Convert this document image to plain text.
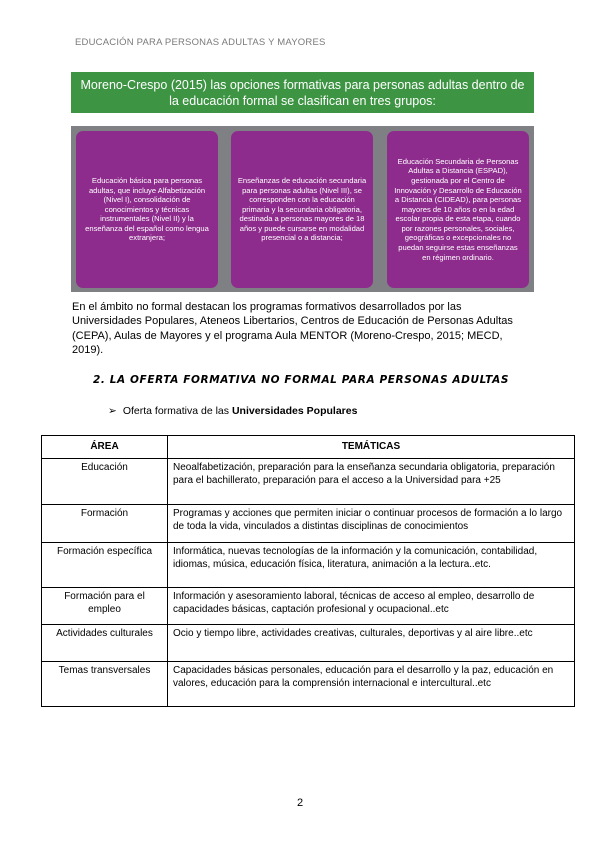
EDUCACIÓN PARA PERSONAS ADULTAS Y MAYORES
Moreno-Crespo (2015) las opciones formativas para personas adultas dentro de la educación formal se clasifican en tres grupos:
Educación básica para personas adultas, que incluye Alfabetización (Nivel I), consolidación de conocimientos y técnicas instrumentales (Nivel II) y la enseñanza del español como lengua extranjera;
Enseñanzas de educación secundaria para personas adultas (Nivel III), se corresponden con la educación primaria y la secundaria obligatoria, destinada a personas mayores de 18 años y puede cursarse en modalidad presencial o a distancia;
Educación Secundaria de Personas Adultas a Distancia (ESPAD), gestionada por el Centro de Innovación y Desarrollo de Educación a Distancia (CIDEAD), para personas mayores de 10 años o en la edad escolar propia de esta etapa, cuando por razones personales, sociales, geográficas o excepcionales no puedan seguirse estas enseñanzas en régimen ordinario.
En el ámbito no formal destacan los programas formativos desarrollados por las Universidades Populares, Ateneos Libertarios, Centros de Educación de Personas Adultas (CEPA), Aulas de Mayores y el programa Aula MENTOR (Moreno-Crespo, 2015; MECD, 2019).
2. LA OFERTA FORMATIVA NO FORMAL PARA PERSONAS ADULTAS
➢ Oferta formativa de las Universidades Populares
ÁREA	TEMÁTICAS
Educación	Neoalfabetización, preparación para la enseñanza secundaria obligatoria, preparación para el bachillerato, preparación para el acceso a la Universidad para +25
Formación	Programas y acciones que permiten iniciar o continuar procesos de formación a lo largo de toda la vida, vinculados a distintas disciplinas de conocimientos
Formación específica	Informática, nuevas tecnologías de la información y la comunicación, contabilidad, idiomas, música, educación física, literatura, animación a la lectura..etc.
Formación para el empleo	Información y asesoramiento laboral, técnicas de acceso al empleo, desarrollo de capacidades básicas, captación profesional y ocupacional..etc
Actividades culturales	Ocio y tiempo libre, actividades creativas, culturales, deportivas y al aire libre..etc
Temas transversales	Capacidades básicas personales, educación para el desarrollo y la paz, educación en valores, educación para la comprensión internacional e intercultural..etc
2
